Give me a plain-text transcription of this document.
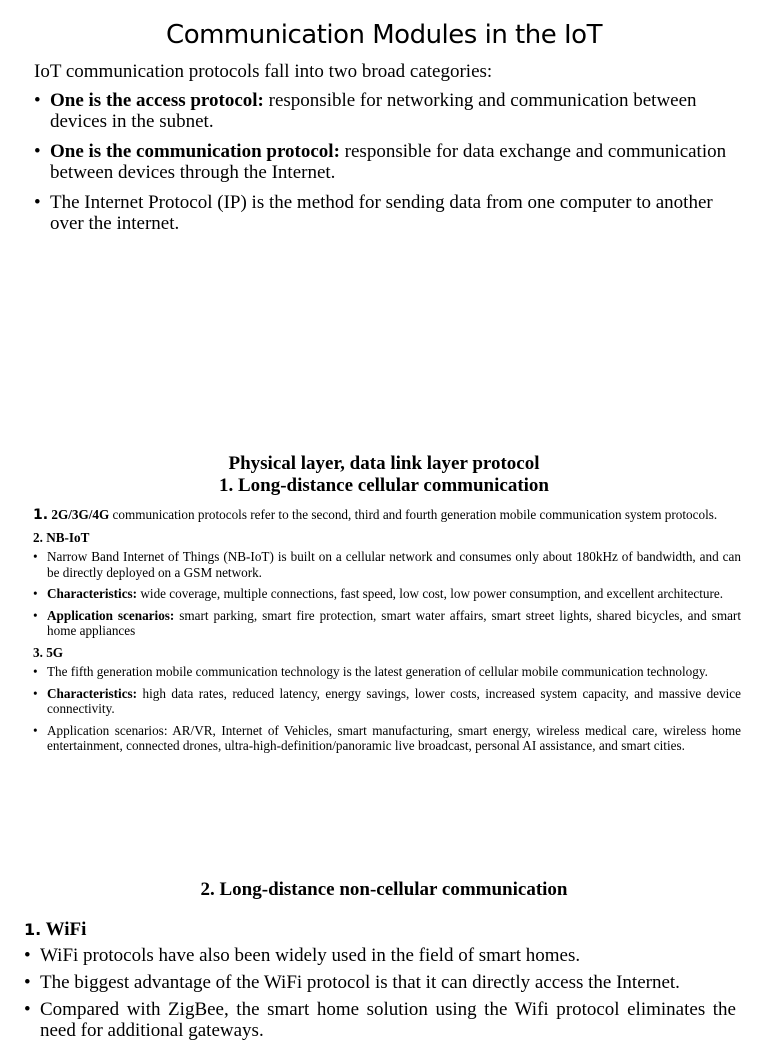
Communication Modules in the IoT
IoT communication protocols fall into two broad categories:
• One is the access protocol: responsible for networking and communication between devices in the subnet.
• One is the communication protocol: responsible for data exchange and communication between devices through the Internet.
• The Internet Protocol (IP) is the method for sending data from one computer to another over the internet.
Physical layer, data link layer protocol
1. Long-distance cellular communication

1. 2G/3G/4G communication protocols refer to the second, third and fourth generation mobile communication system protocols.

2. NB-IoT
• Narrow Band Internet of Things (NB-IoT) is built on a cellular network and consumes only about 180kHz of bandwidth, and can be directly deployed on a GSM network.
• Characteristics: wide coverage, multiple connections, fast speed, low cost, low power consumption, and excellent architecture.
• Application scenarios: smart parking, smart fire protection, smart water affairs, smart street lights, shared bicycles, and smart home appliances
3. 5G
• The fifth generation mobile communication technology is the latest generation of cellular mobile communication technology.
• Characteristics: high data rates, reduced latency, energy savings, lower costs, increased system capacity, and massive device connectivity.
• Application scenarios: AR/VR, Internet of Vehicles, smart manufacturing, smart energy, wireless medical care, wireless home entertainment, connected drones, ultra-high-definition/panoramic live broadcast, personal AI assistance, and smart cities.
2. Long-distance non-cellular communication
1. WiFi
• WiFi protocols have also been widely used in the field of smart homes.
• The biggest advantage of the WiFi protocol is that it can directly access the Internet.
• Compared with ZigBee, the smart home solution using the Wifi protocol eliminates the need for additional gateways.
